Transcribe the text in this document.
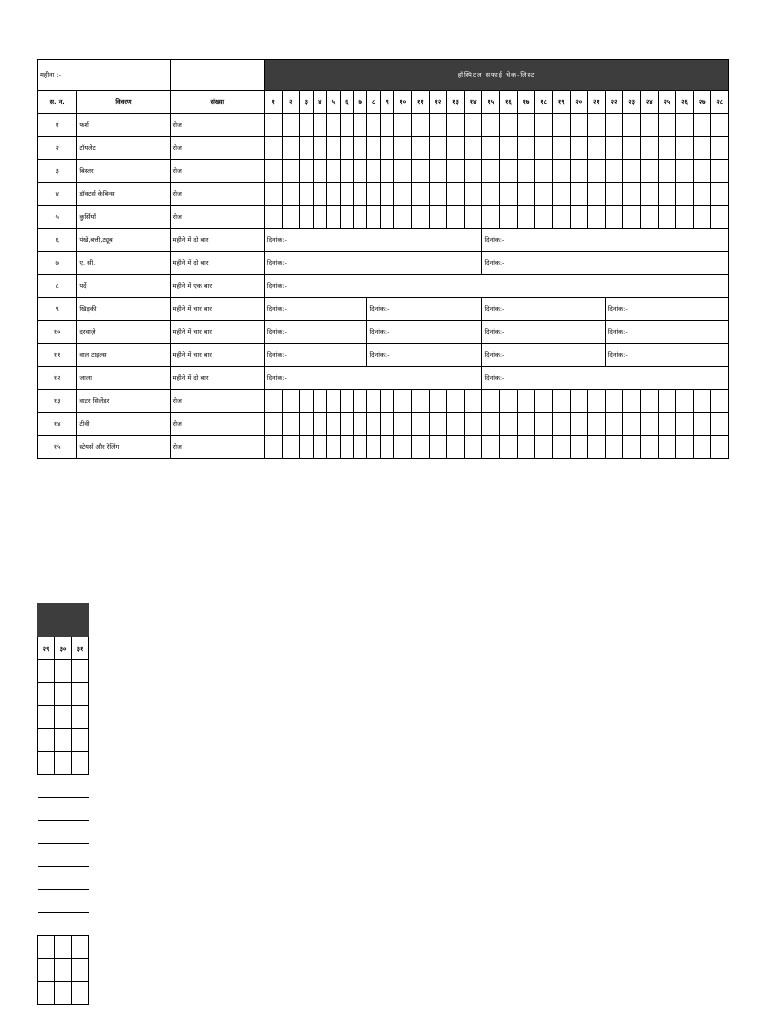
महीना :-			हॉस्पिटल सफाई चेक-लिस्ट																											
स. न.	विवरण	संख्या	१	२	३	४	५	६	७	८	९	१०	११	१२	१३	१४	१५	१६	१७	१८	१९	२०	२१	२२	२३	२४	२५	२६	२७	२८
१	फर्श	रोज																												
२	टॉयलेट	रोज																												
३	बिस्तर	रोज																												
४	डॉक्टर्स केबिन्स	रोज																												
५	कुर्सियाँ	रोज																												
६	पंखे,बत्ती,ट्यूब	महीने में दो बार	दिनांक:-														दिनांक:-													
७	ए. सी.	महीने में दो बार	दिनांक:-														दिनांक:-													
८	पर्दे	महीने में एक बार	दिनांक:-																											
९	खिड़की	महीने में चार बार	दिनांक:-							दिनांक:-							दिनांक:-							दिनांक:-						
१०	दरवाज़े	महीने में चार बार	दिनांक:-							दिनांक:-							दिनांक:-							दिनांक:-						
११	वाल टाइल्स	महीने में चार बार	दिनांक:-							दिनांक:-							दिनांक:-							दिनांक:-						
१२	जाला	महीने में दो बार	दिनांक:-														दिनांक:-													
१३	वाटर सिलेंडर	रोज																												
१४	टीवी	रोज																												
१५	स्टेयर्स और रेलिंग	रोज																												

२९	३०	३१
